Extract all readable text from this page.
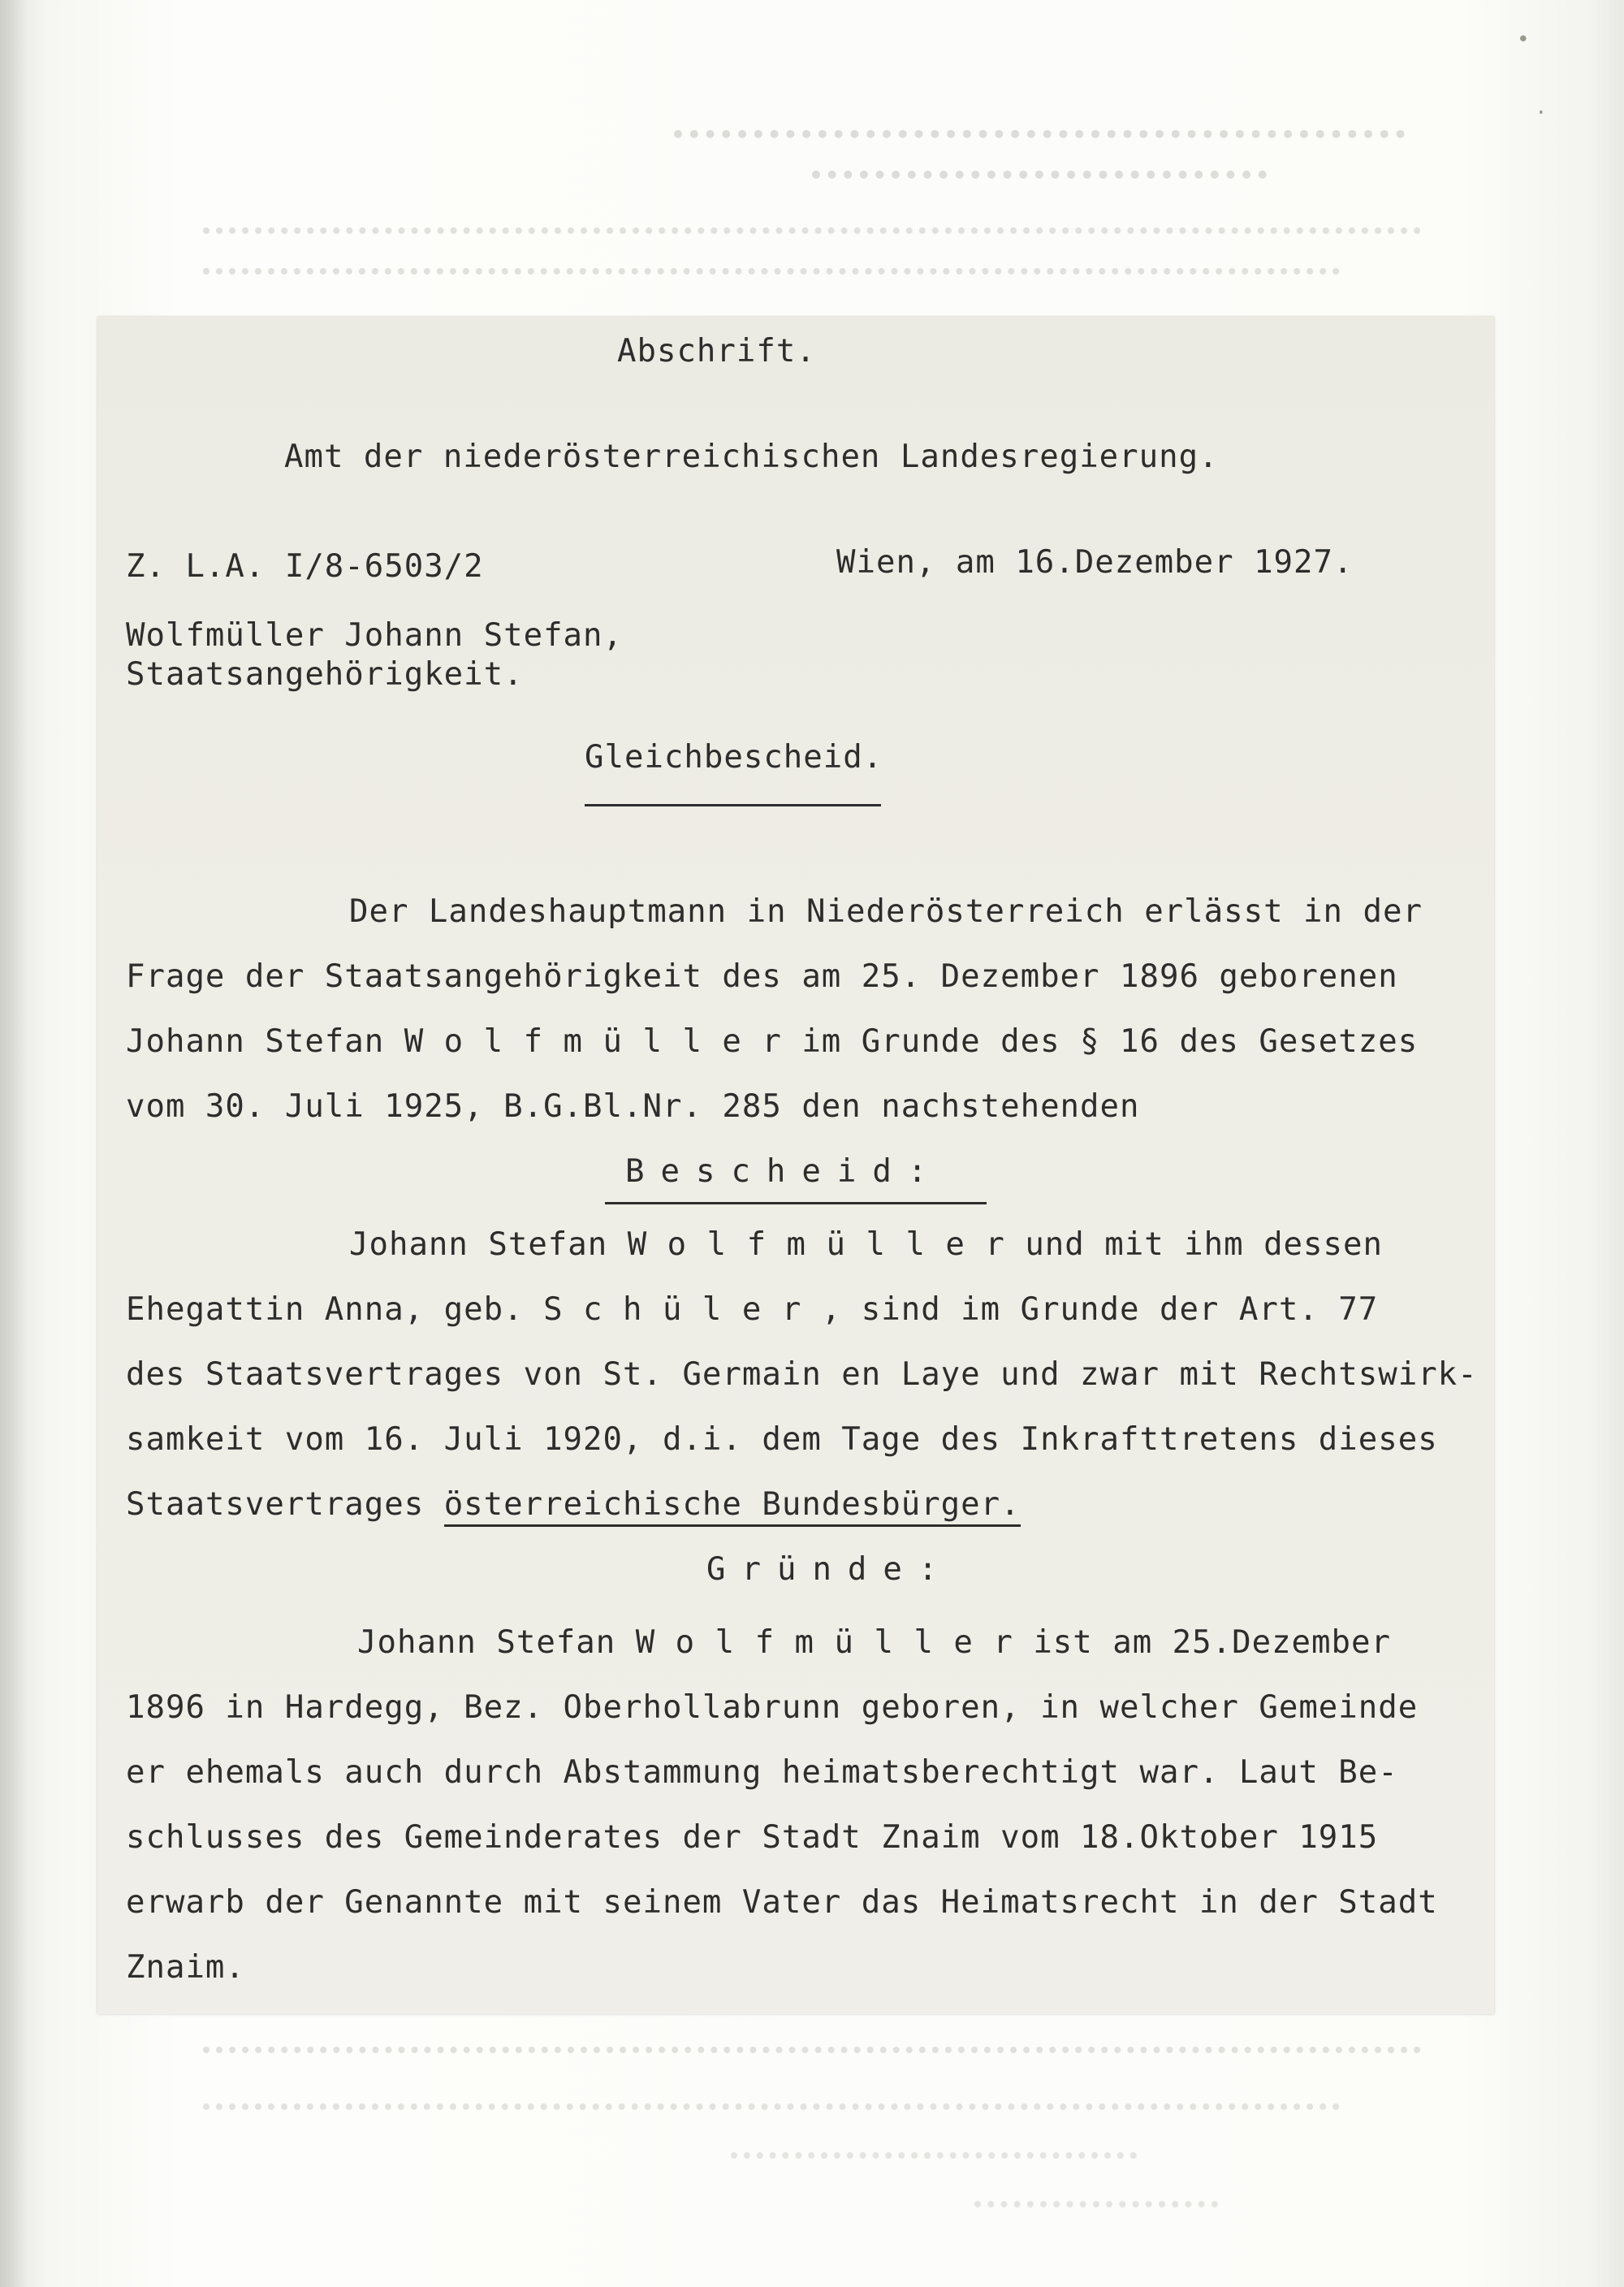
•
·
Abschrift.
Amt der niederösterreichischen Landesregierung.
Z. L.A. I/8-6503/2	Wien, am 16.Dezember 1927.
Wolfmüller Johann Stefan,
Staatsangehörigkeit.
Gleichbescheid.
Der Landeshauptmann in Niederösterreich erlässt in der
Frage der Staatsangehörigkeit des am 25. Dezember 1896 geborenen
Johann Stefan W o l f m ü l l e r im Grunde des § 16 des Gesetzes
vom 30. Juli 1925, B.G.Bl.Nr. 285 den nachstehenden
Bescheid:
Johann Stefan W o l f m ü l l e r und mit ihm dessen
Ehegattin Anna, geb. S c h ü l e r , sind im Grunde der Art. 77
des Staatsvertrages von St. Germain en Laye und zwar mit Rechtswirk-
samkeit vom 16. Juli 1920, d.i. dem Tage des Inkrafttretens dieses
Staatsvertrages österreichische Bundesbürger.
Gründe:
Johann Stefan W o l f m ü l l e r ist am 25.Dezember
1896 in Hardegg, Bez. Oberhollabrunn geboren, in welcher Gemeinde
er ehemals auch durch Abstammung heimatsberechtigt war. Laut Be-
schlusses des Gemeinderates der Stadt Znaim vom 18.Oktober 1915
erwarb der Genannte mit seinem Vater das Heimatsrecht in der Stadt
Znaim.
